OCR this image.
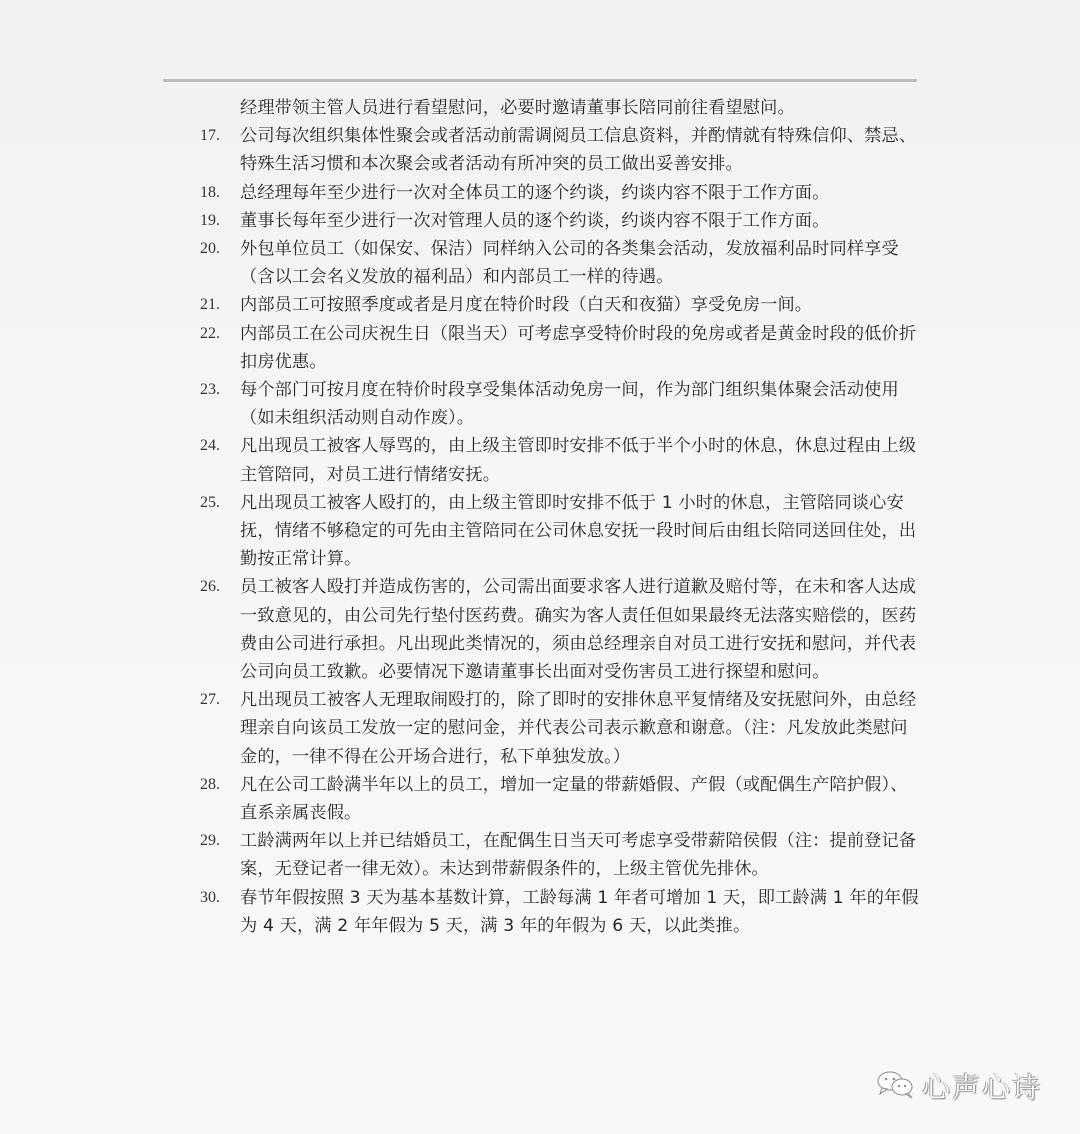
经理带领主管人员进行看望慰问，必要时邀请董事长陪同前往看望慰问。
17.	公司每次组织集体性聚会或者活动前需调阅员工信息资料，并酌情就有特殊信仰、禁忌、特殊生活习惯和本次聚会或者活动有所冲突的员工做出妥善安排。
18.	总经理每年至少进行一次对全体员工的逐个约谈，约谈内容不限于工作方面。
19.	董事长每年至少进行一次对管理人员的逐个约谈，约谈内容不限于工作方面。
20.	外包单位员工（如保安、保洁）同样纳入公司的各类集会活动，发放福利品时同样享受（含以工会名义发放的福利品）和内部员工一样的待遇。
21.	内部员工可按照季度或者是月度在特价时段（白天和夜猫）享受免房一间。
22.	内部员工在公司庆祝生日（限当天）可考虑享受特价时段的免房或者是黄金时段的低价折扣房优惠。
23.	每个部门可按月度在特价时段享受集体活动免房一间，作为部门组织集体聚会活动使用（如未组织活动则自动作废）。
24.	凡出现员工被客人辱骂的，由上级主管即时安排不低于半个小时的休息，休息过程由上级主管陪同，对员工进行情绪安抚。
25.	凡出现员工被客人殴打的，由上级主管即时安排不低于 1 小时的休息，主管陪同谈心安抚，情绪不够稳定的可先由主管陪同在公司休息安抚一段时间后由组长陪同送回住处，出勤按正常计算。
26.	员工被客人殴打并造成伤害的，公司需出面要求客人进行道歉及赔付等，在未和客人达成一致意见的，由公司先行垫付医药费。确实为客人责任但如果最终无法落实赔偿的，医药费由公司进行承担。凡出现此类情况的，须由总经理亲自对员工进行安抚和慰问，并代表公司向员工致歉。必要情况下邀请董事长出面对受伤害员工进行探望和慰问。
27.	凡出现员工被客人无理取闹殴打的，除了即时的安排休息平复情绪及安抚慰问外，由总经理亲自向该员工发放一定的慰问金，并代表公司表示歉意和谢意。（注：凡发放此类慰问金的，一律不得在公开场合进行，私下单独发放。）
28.	凡在公司工龄满半年以上的员工，增加一定量的带薪婚假、产假（或配偶生产陪护假）、直系亲属丧假。
29.	工龄满两年以上并已结婚员工，在配偶生日当天可考虑享受带薪陪侯假（注：提前登记备案，无登记者一律无效）。未达到带薪假条件的，上级主管优先排休。
30.	春节年假按照 3 天为基本基数计算，工龄每满 1 年者可增加 1 天，即工龄满 1 年的年假为 4 天，满 2 年年假为 5 天，满 3 年的年假为 6 天，以此类推。
心声心诗
